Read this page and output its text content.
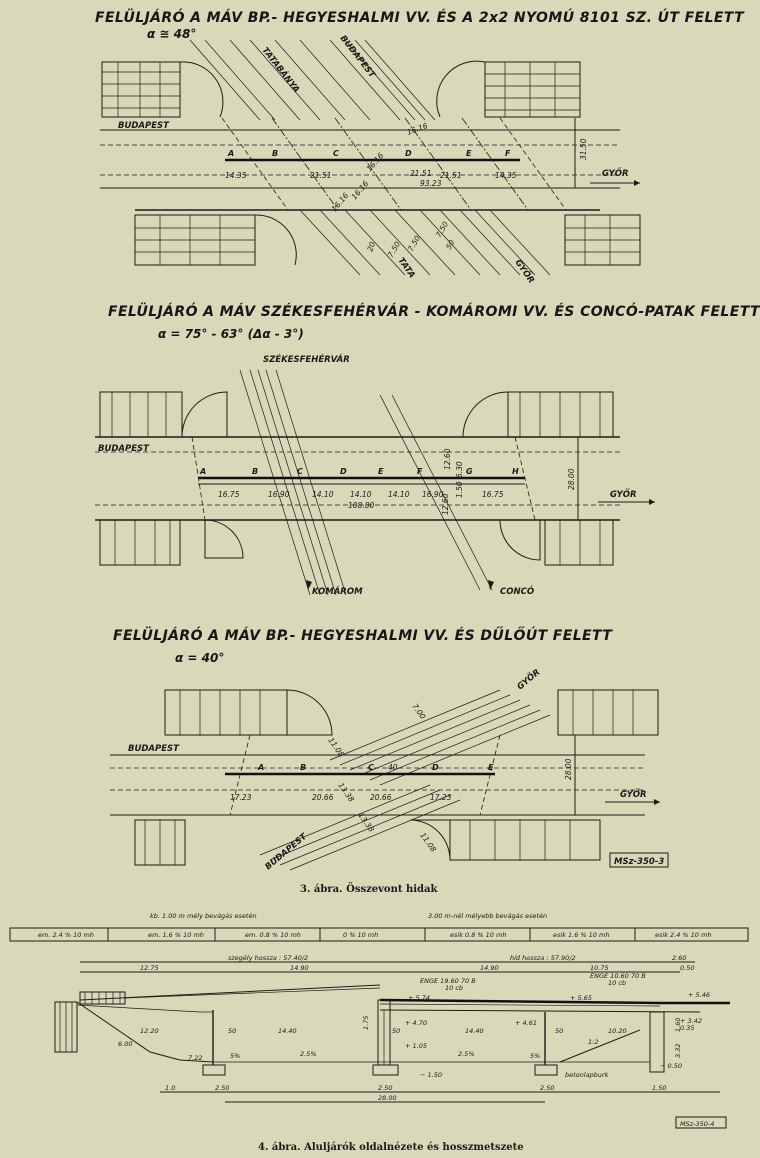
FELÜLJÁRÓ A MÁV BP.- HEGYESHALMI VV. ÉS A 2x2 NYOMÚ 8101 SZ. ÚT FELETT
α ≅ 48°
TATABÁNYA	BUDAPEST
BUDAPEST
GYŐR
A	B	C	D	E	F
14.35	21.51	21.51 21.51	14.35
93.23
16.16
16.16
16.16
16.16
31.50
20 7.50 7.50
7.50
50
TATA	GYŐR
FELÜLJÁRÓ A MÁV SZÉKESFEHÉRVÁR - KOMÁROMI VV. ÉS CONCÓ-PATAK FELETT
α = 75° - 63° (Δα - 3°)
SZÉKESFEHÉRVÁR
BUDAPEST
GYŐR
A	B	C	D	E	F	G	H
16.75	16.90	14.10 14.10 14.10 16.90	16.75
108.80
12.60
12.60
6.30
1.50	28.00
KOMÁROM	CONCÓ
FELÜLJÁRÓ A MÁV BP.- HEGYESHALMI VV. ÉS DŰLŐÚT FELETT
α = 40°
GYŐR
BUDAPEST
BUDAPEST
GYŐR
A	B	C	D	E
40
17.23	20.66	20.66	17.23
11.08
11.08
13.38
13.38
7.00
28.00
MSz-350-3
3. ábra. Összevont hidak
kb. 1.00 m mély bevágás esetén	3.00 m-nél mélyebb bevágás esetén
em. 2.4 % 10 mh	em. 1.6 % 10 mh	em. 0.8 % 10 mh	0 % 10 mh	esik 0.8 % 10 mh	esik 1.6 % 10 mh	esik 2.4 % 10 mh
szegély hossza : 57.40/2	híd hossza : 57.90/2
12.75	14.90	14.90	10.75
2.60
0.50
ENGE 19.60 70 B
10 cb
ENGE 10.60 70 B
10 cb
+ 5.74	+ 5.65	+ 5.46
+ 4.70	+ 4.61	+ 3.42
− 1.50
− 0.50
+ 1.05
12.20
6.00
14.40
50	50	14.40	50	10.20
7.22
1.75	1.60
3.32
0.35
5%	2.5%	2.5%	5%
1:2
1.0	2.50	2.50
28.00
2.50	1.50
betonlapburk
MSz-350-4
4. ábra. Aluljárók oldalnézete és hosszmetszete
